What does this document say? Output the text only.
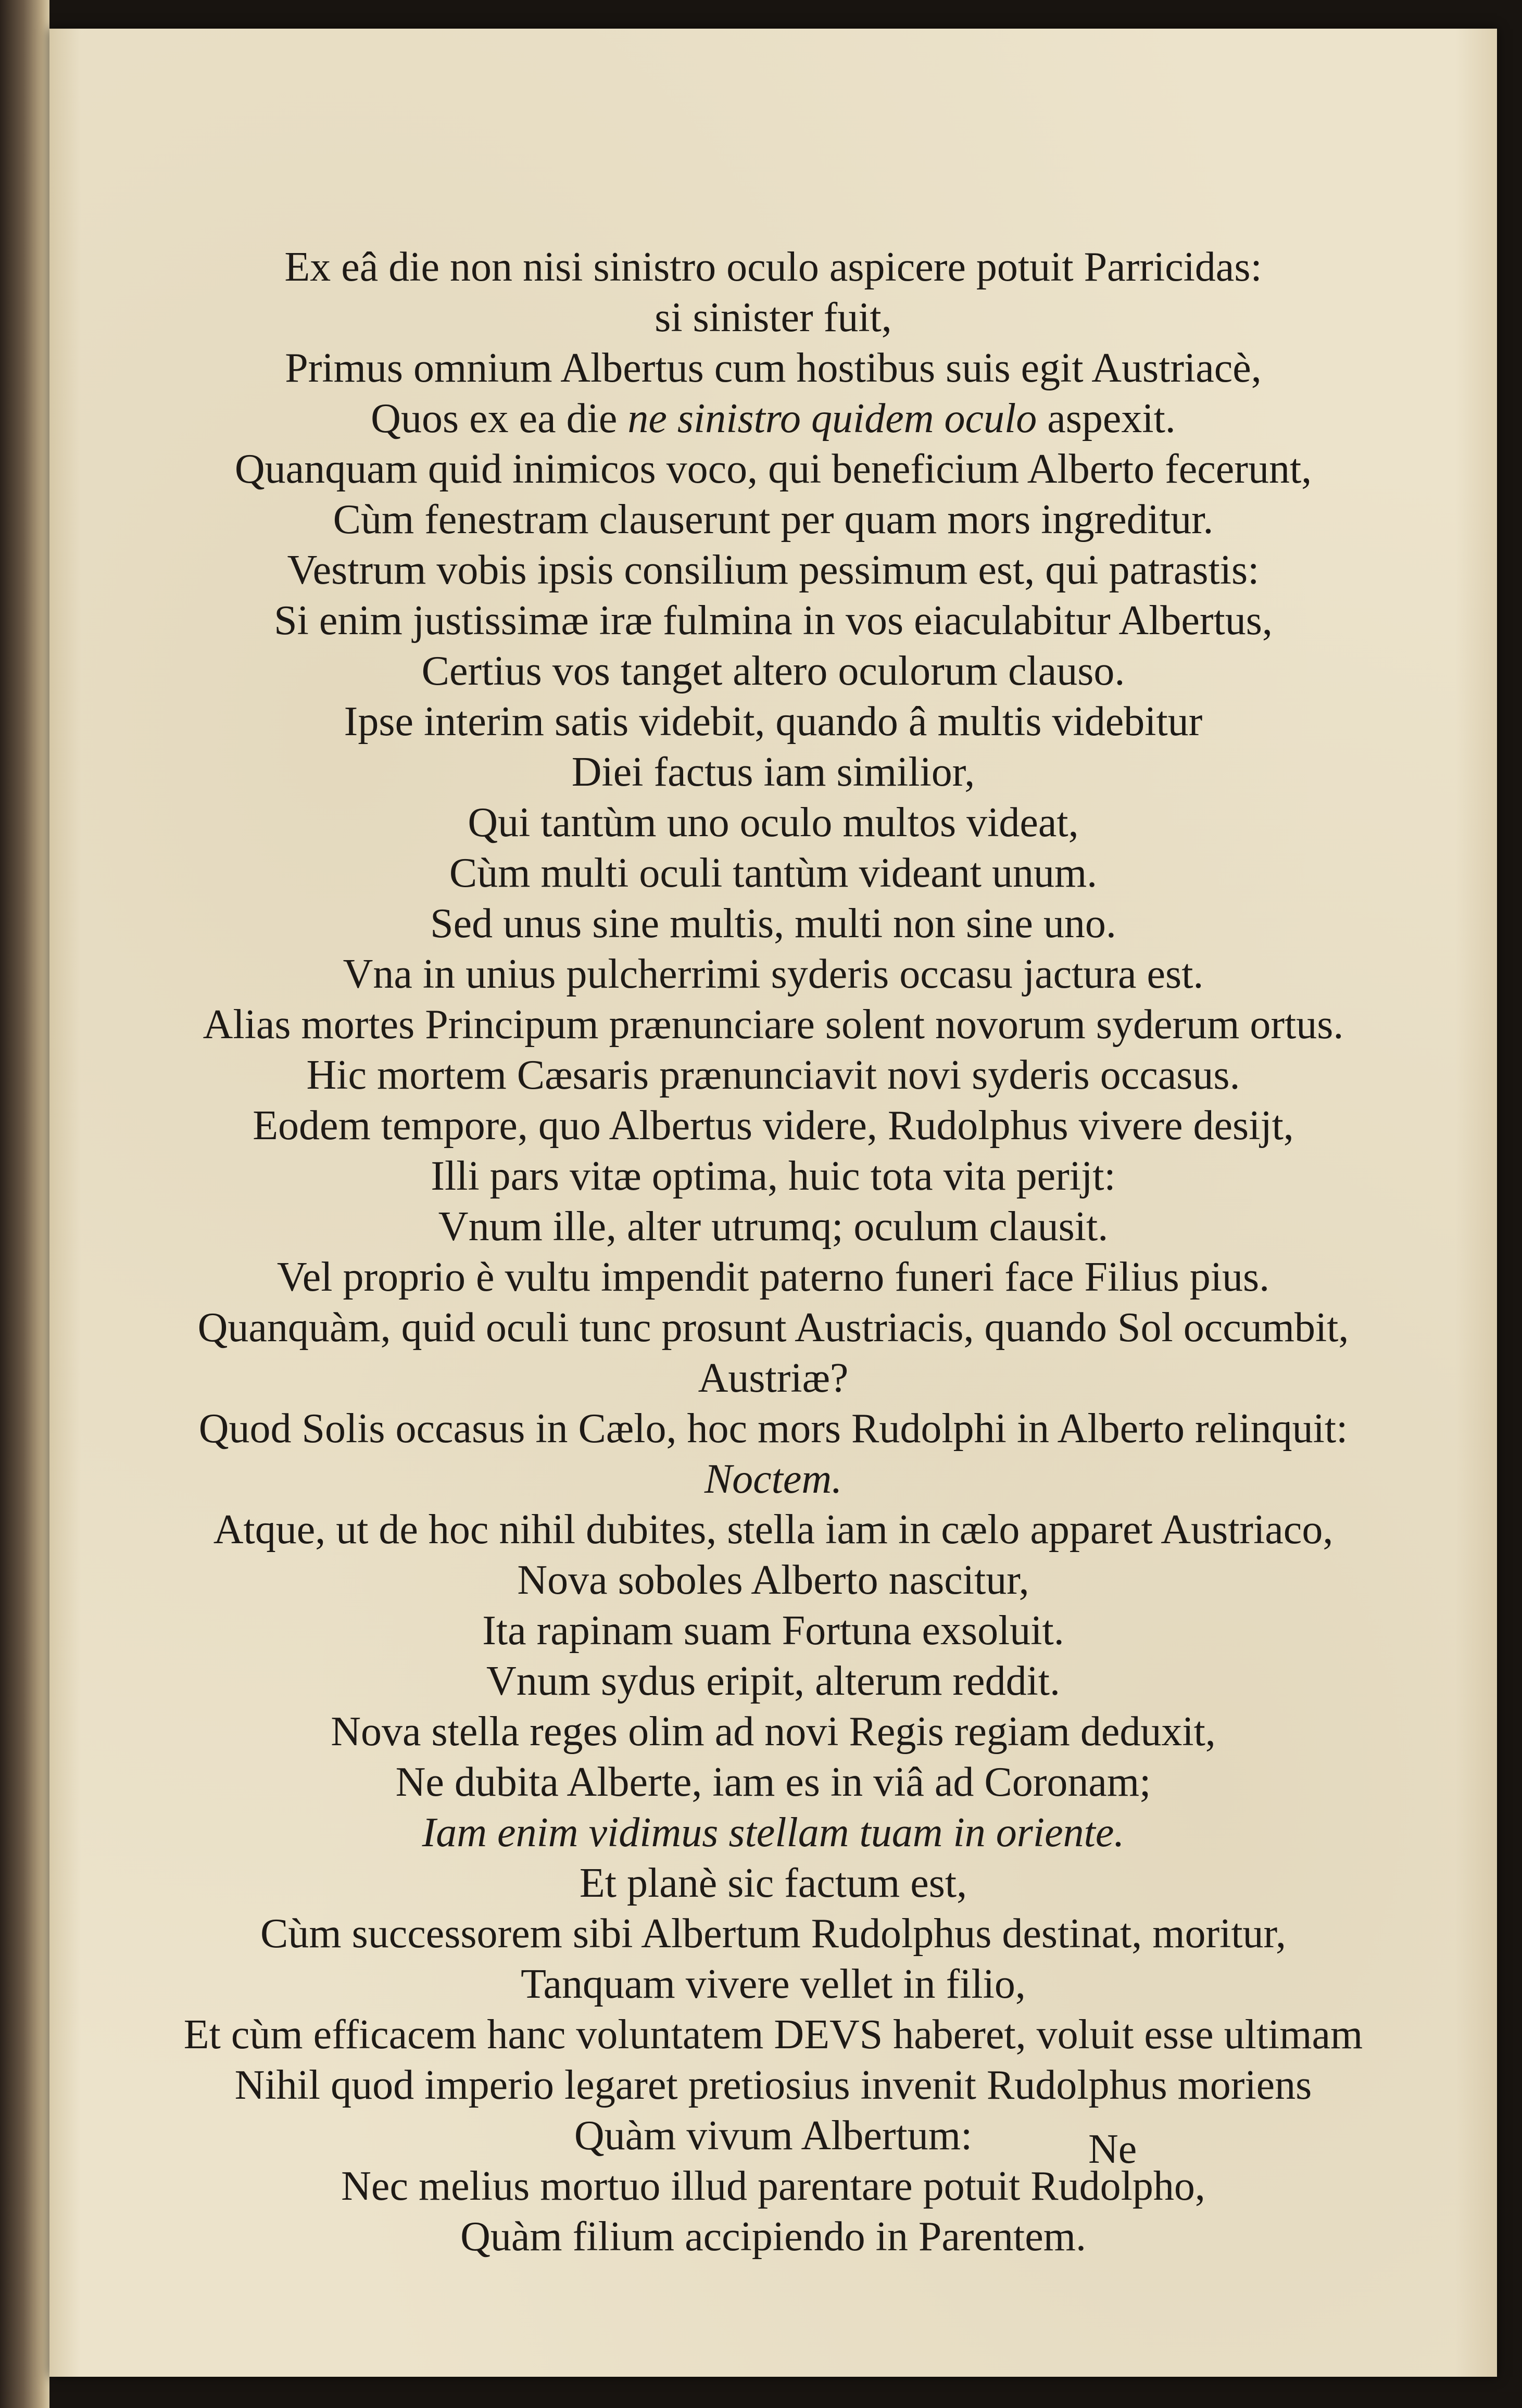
Ex eâ die non nisi sinistro oculo aspicere potuit Parricidas:
si sinister fuit,
Primus omnium Albertus cum hostibus suis egit Austriacè,
Quos ex ea die ne sinistro quidem oculo aspexit.
Quanquam quid inimicos voco, qui beneficium Alberto fecerunt,
Cùm fenestram clauserunt per quam mors ingreditur.
Vestrum vobis ipsis consilium pessimum est, qui patrastis:
Si enim justissimæ iræ fulmina in vos eiaculabitur Albertus,
Certius vos tanget altero oculorum clauso.
Ipse interim satis videbit, quando â multis videbitur
Diei factus iam similior,
Qui tantùm uno oculo multos videat,
Cùm multi oculi tantùm videant unum.
Sed unus sine multis, multi non sine uno.
Vna in unius pulcherrimi syderis occasu jactura est.
Alias mortes Principum prænunciare solent novorum syderum ortus.
Hic mortem Cæsaris prænunciavit novi syderis occasus.
Eodem tempore, quo Albertus videre, Rudolphus vivere desijt,
Illi pars vitæ optima, huic tota vita perijt:
Vnum ille, alter utrumq; oculum clausit.
Vel proprio è vultu impendit paterno funeri face Filius pius.
Quanquàm, quid oculi tunc prosunt Austriacis, quando Sol occumbit,
Austriæ?
Quod Solis occasus in Cælo, hoc mors Rudolphi in Alberto relinquit:
Noctem.
Atque, ut de hoc nihil dubites, stella iam in cælo apparet Austriaco,
Nova soboles Alberto nascitur,
Ita rapinam suam Fortuna exsoluit.
Vnum sydus eripit, alterum reddit.
Nova stella reges olim ad novi Regis regiam deduxit,
Ne dubita Alberte, iam es in viâ ad Coronam;
Iam enim vidimus stellam tuam in oriente.
Et planè sic factum est,
Cùm successorem sibi Albertum Rudolphus destinat, moritur,
Tanquam vivere vellet in filio,
Et cùm efficacem hanc voluntatem DEVS haberet, voluit esse ultimam
Nihil quod imperio legaret pretiosius invenit Rudolphus moriens
Quàm vivum Albertum:
Nec melius mortuo illud parentare potuit Rudolpho,
Quàm filium accipiendo in Parentem.
Ne
